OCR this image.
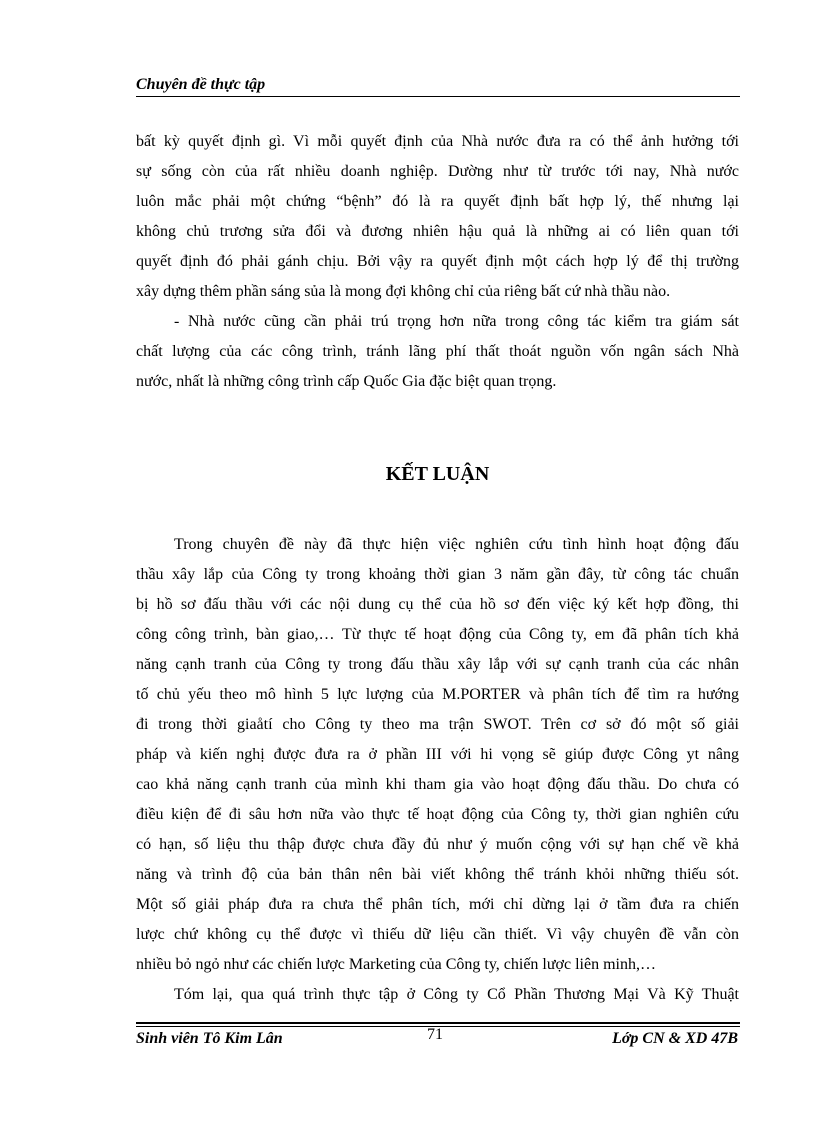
Chuyên đề thực tập
bất kỳ quyết định gì. Vì mỗi quyết định của Nhà nước đưa ra có thể ảnh hưởng tới
sự sống còn của rất nhiều doanh nghiệp. Dường như từ trước tới nay, Nhà nước
luôn mắc phải một chứng “bệnh” đó là ra quyết định bất hợp lý, thế nhưng lại
không chủ trương sửa đổi và đương nhiên hậu quả là những ai có liên quan tới
quyết định đó phải gánh chịu. Bởi vậy ra quyết định một cách hợp lý để thị trường
xây dựng thêm phần sáng sủa là mong đợi không chỉ của riêng bất cứ nhà thầu nào.
- Nhà nước cũng cần phải trú trọng hơn nữa trong công tác kiểm tra giám sát
chất lượng của các công trình, tránh lãng phí thất thoát nguồn vốn ngân sách Nhà
nước, nhất là những công trình cấp Quốc Gia đặc biệt quan trọng.
KẾT LUẬN
Trong chuyên đề này đã thực hiện việc nghiên cứu tình hình hoạt động đấu
thầu xây lắp của Công ty trong khoảng thời gian 3 năm gần đây, từ công tác chuẩn
bị hồ sơ đấu thầu với các nội dung cụ thể của hồ sơ đến việc ký kết hợp đồng, thi
công công trình, bàn giao,… Từ thực tế hoạt động của Công ty, em đã phân tích khả
năng cạnh tranh của Công ty trong đấu thầu xây lắp với sự cạnh tranh của các nhân
tố chủ yếu theo mô hình 5 lực lượng của M.PORTER và phân tích để tìm ra hướng
đi trong thời giaåtí cho Công ty theo ma trận SWOT. Trên cơ sở đó một số giải
pháp và kiến nghị được đưa ra ở phần III với hi vọng sẽ giúp được Công yt nâng
cao khả năng cạnh tranh của mình khi tham gia vào hoạt động đấu thầu. Do chưa có
điều kiện để đi sâu hơn nữa vào thực tế hoạt động của Công ty, thời gian nghiên cứu
có hạn, số liệu thu thập được chưa đầy đủ như ý muốn cộng với sự hạn chế về khả
năng và trình độ của bản thân nên bài viết không thể tránh khỏi những thiếu sót.
Một số giải pháp đưa ra chưa thể phân tích, mới chỉ dừng lại ở tầm đưa ra chiến
lược chứ không cụ thể được vì thiếu dữ liệu cần thiết. Vì vậy chuyên đề vẫn còn
nhiều bỏ ngỏ như các chiến lược Marketing của Công ty, chiến lược liên minh,…
Tóm lại, qua quá trình thực tập ở Công ty Cổ Phần Thương Mại Và Kỹ Thuật
Sinh viên Tô Kim Lân	71	Lớp CN & XD 47B
